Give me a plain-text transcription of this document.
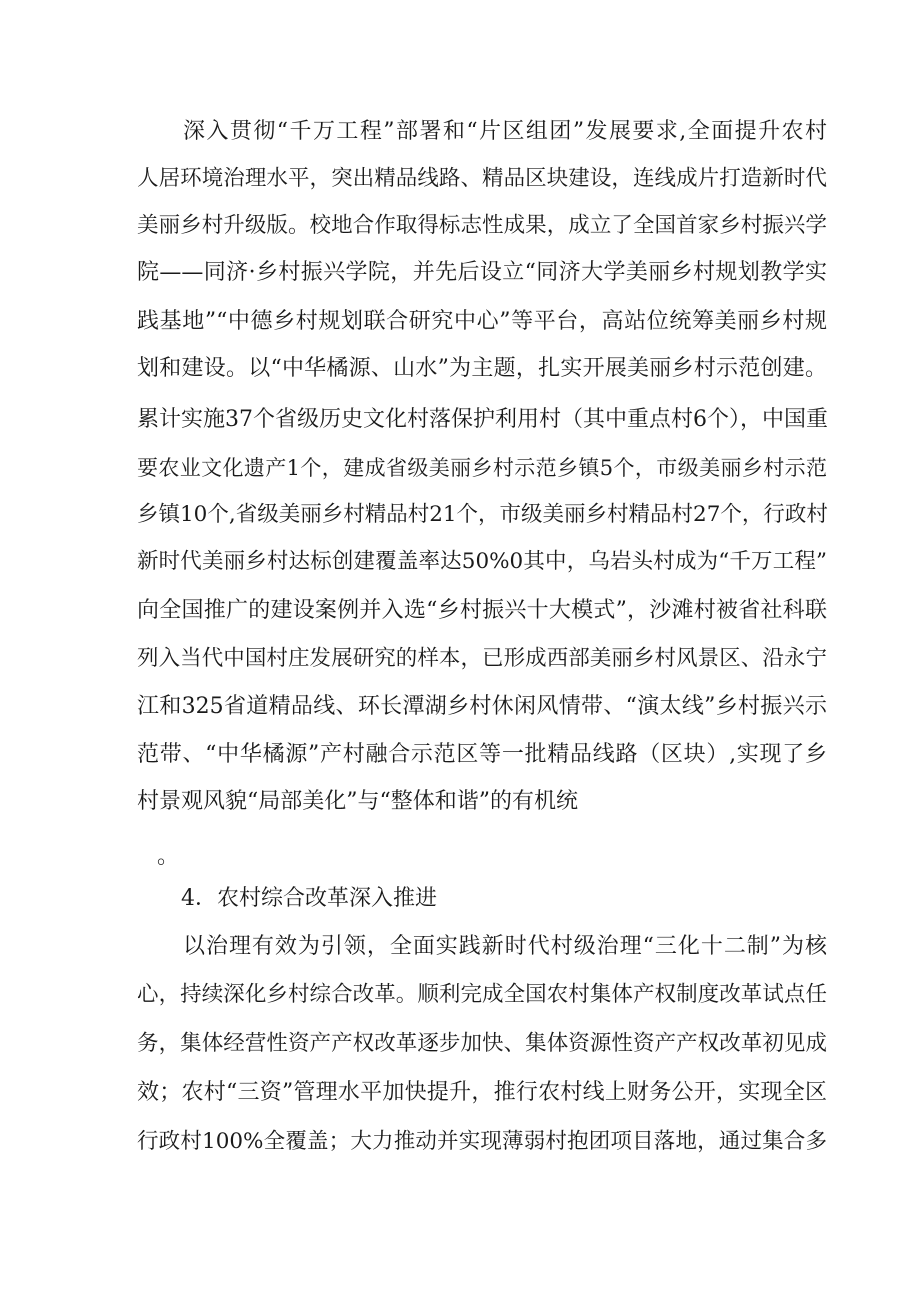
深入贯彻“千万工程”部署和“片区组团”发展要求,全面提升农村
人居环境治理水平，突出精品线路、精品区块建设，连线成片打造新时代
美丽乡村升级版。校地合作取得标志性成果，成立了全国首家乡村振兴学
院——同济·乡村振兴学院，并先后设立“同济大学美丽乡村规划教学实
践基地”“中德乡村规划联合研究中心”等平台，高站位统筹美丽乡村规
划和建设。以“中华橘源、山水”为主题，扎实开展美丽乡村示范创建。
累计实施37个省级历史文化村落保护利用村（其中重点村6个），中国重
要农业文化遗产1个，建成省级美丽乡村示范乡镇5个，市级美丽乡村示范
乡镇10个,省级美丽乡村精品村21个，市级美丽乡村精品村27个，行政村
新时代美丽乡村达标创建覆盖率达50%0其中，乌岩头村成为“千万工程”
向全国推广的建设案例并入选“乡村振兴十大模式”，沙滩村被省社科联
列入当代中国村庄发展研究的样本，已形成西部美丽乡村风景区、沿永宁
江和325省道精品线、环长潭湖乡村休闲风情带、“演太线”乡村振兴示
范带、“中华橘源”产村融合示范区等一批精品线路（区块）,实现了乡
村景观风貌“局部美化”与“整体和谐”的有机统
。
4．农村综合改革深入推进
以治理有效为引领，全面实践新时代村级治理“三化十二制”为核
心，持续深化乡村综合改革。顺利完成全国农村集体产权制度改革试点任
务，集体经营性资产产权改革逐步加快、集体资源性资产产权改革初见成
效；农村“三资”管理水平加快提升，推行农村线上财务公开，实现全区
行政村100%全覆盖；大力推动并实现薄弱村抱团项目落地，通过集合多
